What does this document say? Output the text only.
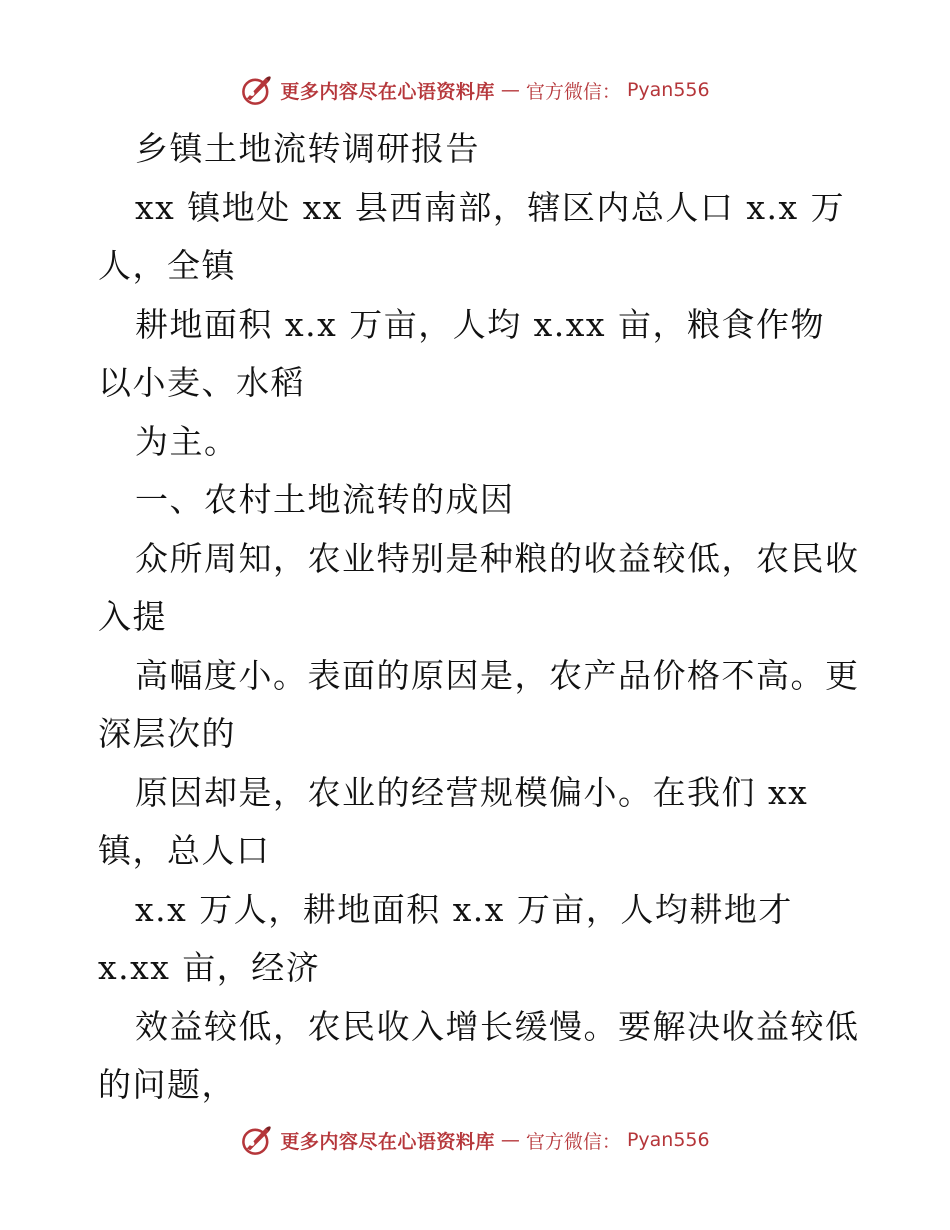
更多内容尽在心语资料库 — 官方微信： Pyan556
乡镇土地流转调研报告
xx 镇地处 xx 县西南部，辖区内总人口 x.x 万
人，全镇
耕地面积 x.x 万亩，人均 x.xx 亩，粮食作物
以小麦、水稻
为主。
一、农村土地流转的成因
众所周知，农业特别是种粮的收益较低，农民收
入提
高幅度小。表面的原因是，农产品价格不高。更
深层次的
原因却是，农业的经营规模偏小。在我们 xx
镇，总人口
x.x 万人，耕地面积 x.x 万亩，人均耕地才
x.xx 亩，经济
效益较低，农民收入增长缓慢。要解决收益较低
的问题，
更多内容尽在心语资料库 — 官方微信： Pyan556
